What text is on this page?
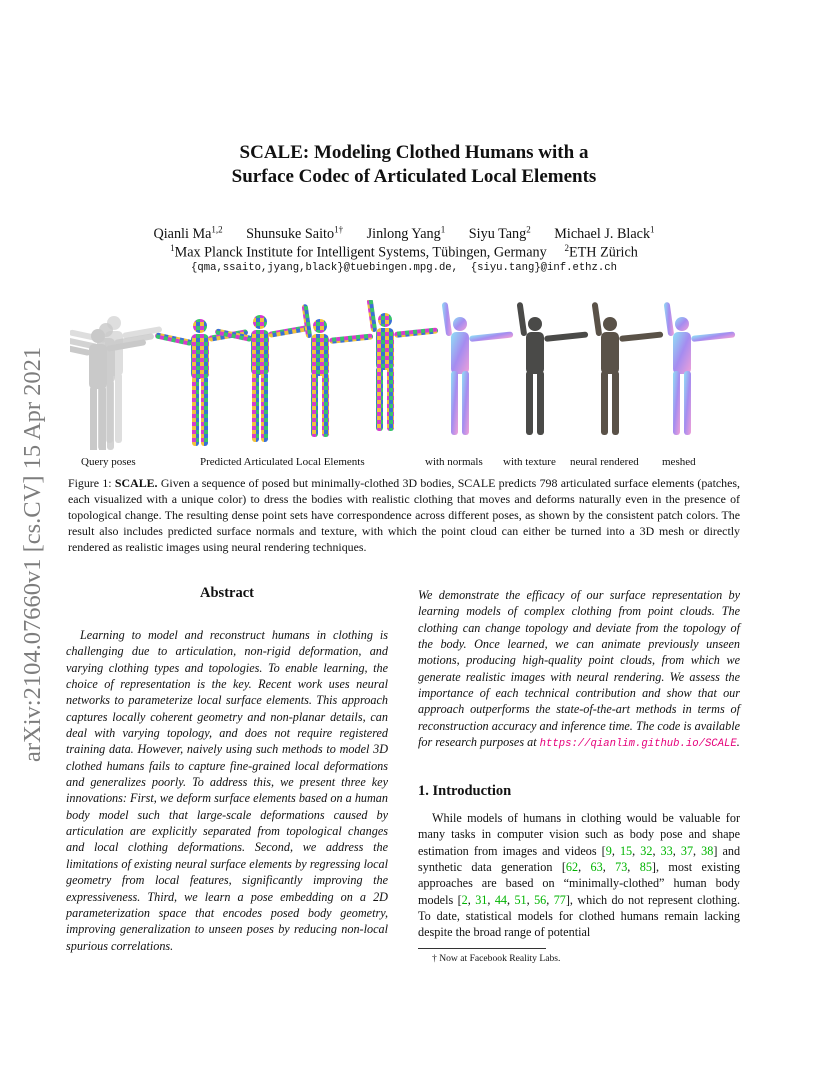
arXiv:2104.07660v1 [cs.CV] 15 Apr 2021
SCALE: Modeling Clothed Humans with a
Surface Codec of Articulated Local Elements
Qianli Ma$^{1,2}$ Shunsuke Saito$^{1\dagger}$ Jinlong Yang$^1$ Siyu Tang$^2$ Michael J. Black$^1$
$^1$Max Planck Institute for Intelligent Systems, Tübingen, Germany $^2$ETH Zürich
{qma,ssaito,jyang,black}@tuebingen.mpg.de, {siyu.tang}@inf.ethz.ch
Query poses	Predicted Articulated Local Elements	with normals with texture neural rendered meshed
Figure 1: SCALE. Given a sequence of posed but minimally-clothed 3D bodies, SCALE predicts 798 articulated surface elements (patches, each visualized with a unique color) to dress the bodies with realistic clothing that moves and deforms naturally even in the presence of topological change. The resulting dense point sets have correspondence across different poses, as shown by the consistent patch colors. The result also includes predicted surface normals and texture, with which the point cloud can either be turned into a 3D mesh or directly rendered as realistic images using neural rendering techniques.
Abstract
Learning to model and reconstruct humans in clothing is challenging due to articulation, non-rigid deformation, and varying clothing types and topologies. To enable learning, the choice of representation is the key. Recent work uses neural networks to parameterize local surface elements. This approach captures locally coherent geometry and non-planar details, can deal with varying topology, and does not require registered training data. However, naively using such methods to model 3D clothed humans fails to capture fine-grained local deformations and generalizes poorly. To address this, we present three key innovations: First, we deform surface elements based on a human body model such that large-scale deformations caused by articulation are explicitly separated from topological changes and local clothing deformations. Second, we address the limitations of existing neural surface elements by regressing local geometry from local features, significantly improving the expressiveness. Third, we learn a pose embedding on a 2D parameterization space that encodes posed body geometry, improving generalization to unseen poses by reducing non-local spurious correlations.
We demonstrate the efficacy of our surface representation by learning models of complex clothing from point clouds. The clothing can change topology and deviate from the topology of the body. Once learned, we can animate previously unseen motions, producing high-quality point clouds, from which we generate realistic images with neural rendering. We assess the importance of each technical contribution and show that our approach outperforms the state-of-the-art methods in terms of reconstruction accuracy and inference time. The code is available for research purposes at https://qianlim.github.io/SCALE.
1. Introduction
While models of humans in clothing would be valuable for many tasks in computer vision such as body pose and shape estimation from images and videos [9, 15, 32, 33, 37, 38] and synthetic data generation [62, 63, 73, 85], most existing approaches are based on “minimally-clothed” human body models [2, 31, 44, 51, 56, 77], which do not represent clothing. To date, statistical models for clothed humans remain lacking despite the broad range of potential
† Now at Facebook Reality Labs.
